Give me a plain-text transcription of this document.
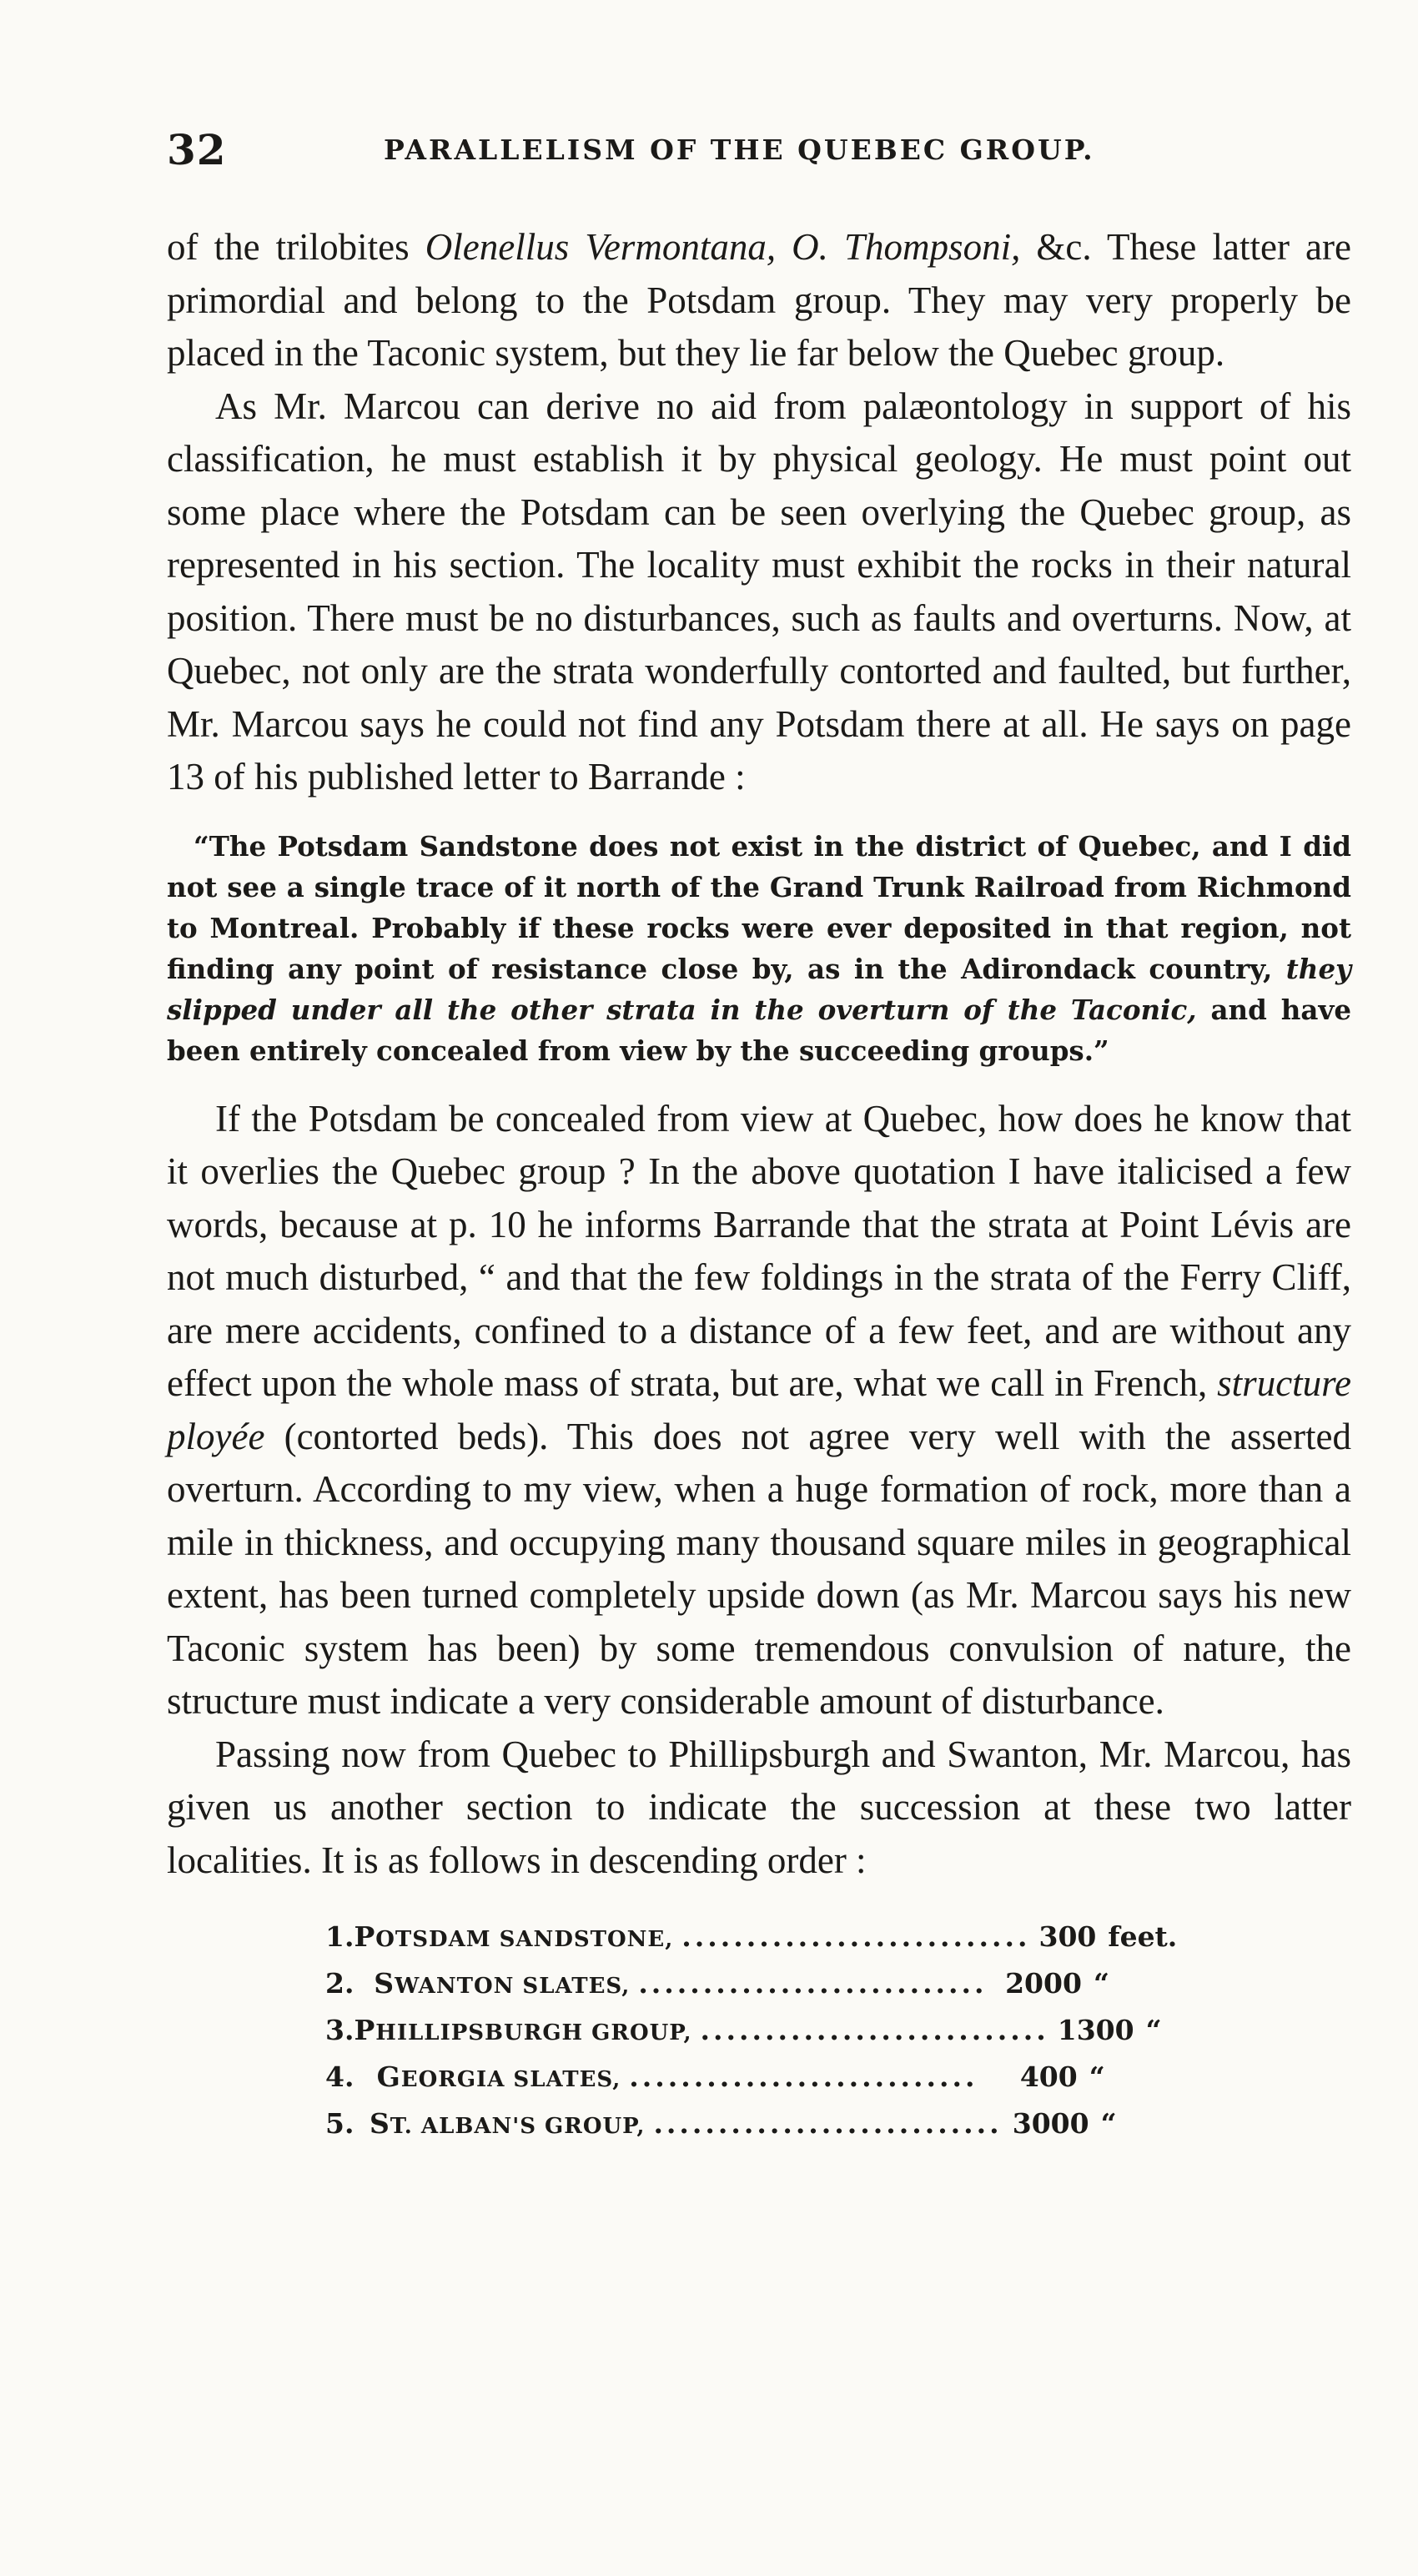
32	PARALLELISM OF THE QUEBEC GROUP.

of the trilobites Olenellus Vermontana, O. Thompsoni, &c. These latter are primordial and belong to the Potsdam group. They may very properly be placed in the Taconic system, but they lie far below the Quebec group.

As Mr. Marcou can derive no aid from palæontology in support of his classification, he must establish it by physical geology. He must point out some place where the Potsdam can be seen overlying the Quebec group, as represented in his section. The locality must exhibit the rocks in their natural position. There must be no disturbances, such as faults and overturns. Now, at Quebec, not only are the strata wonderfully contorted and faulted, but further, Mr. Marcou says he could not find any Potsdam there at all. He says on page 13 of his published letter to Barrande :

“The Potsdam Sandstone does not exist in the district of Quebec, and I did not see a single trace of it north of the Grand Trunk Railroad from Richmond to Montreal. Probably if these rocks were ever deposited in that region, not finding any point of resistance close by, as in the Adirondack country, they slipped under all the other strata in the overturn of the Taconic, and have been entirely concealed from view by the succeeding groups.”

If the Potsdam be concealed from view at Quebec, how does he know that it overlies the Quebec group ? In the above quotation I have italicised a few words, because at p. 10 he informs Barrande that the strata at Point Lévis are not much disturbed, “ and that the few foldings in the strata of the Ferry Cliff, are mere accidents, confined to a distance of a few feet, and are without any effect upon the whole mass of strata, but are, what we call in French, structure ployée (contorted beds). This does not agree very well with the asserted overturn. According to my view, when a huge formation of rock, more than a mile in thickness, and occupying many thousand square miles in geographical extent, has been turned completely upside down (as Mr. Marcou says his new Taconic system has been) by some tremendous convulsion of nature, the structure must indicate a very considerable amount of disturbance.

Passing now from Quebec to Phillipsburgh and Swanton, Mr. Marcou, has given us another section to indicate the succession at these two latter localities. It is as follows in descending order :

1. POTSDAM SANDSTONE, ........................... 300 feet.
2. SWANTON SLATES, ........................... 2000 “
3. PHILLIPSBURGH GROUP, ........................... 1300 “
4. GEORGIA SLATES, ...........................	400 “
5. ST. ALBAN'S GROUP, ........................... 3000 “
